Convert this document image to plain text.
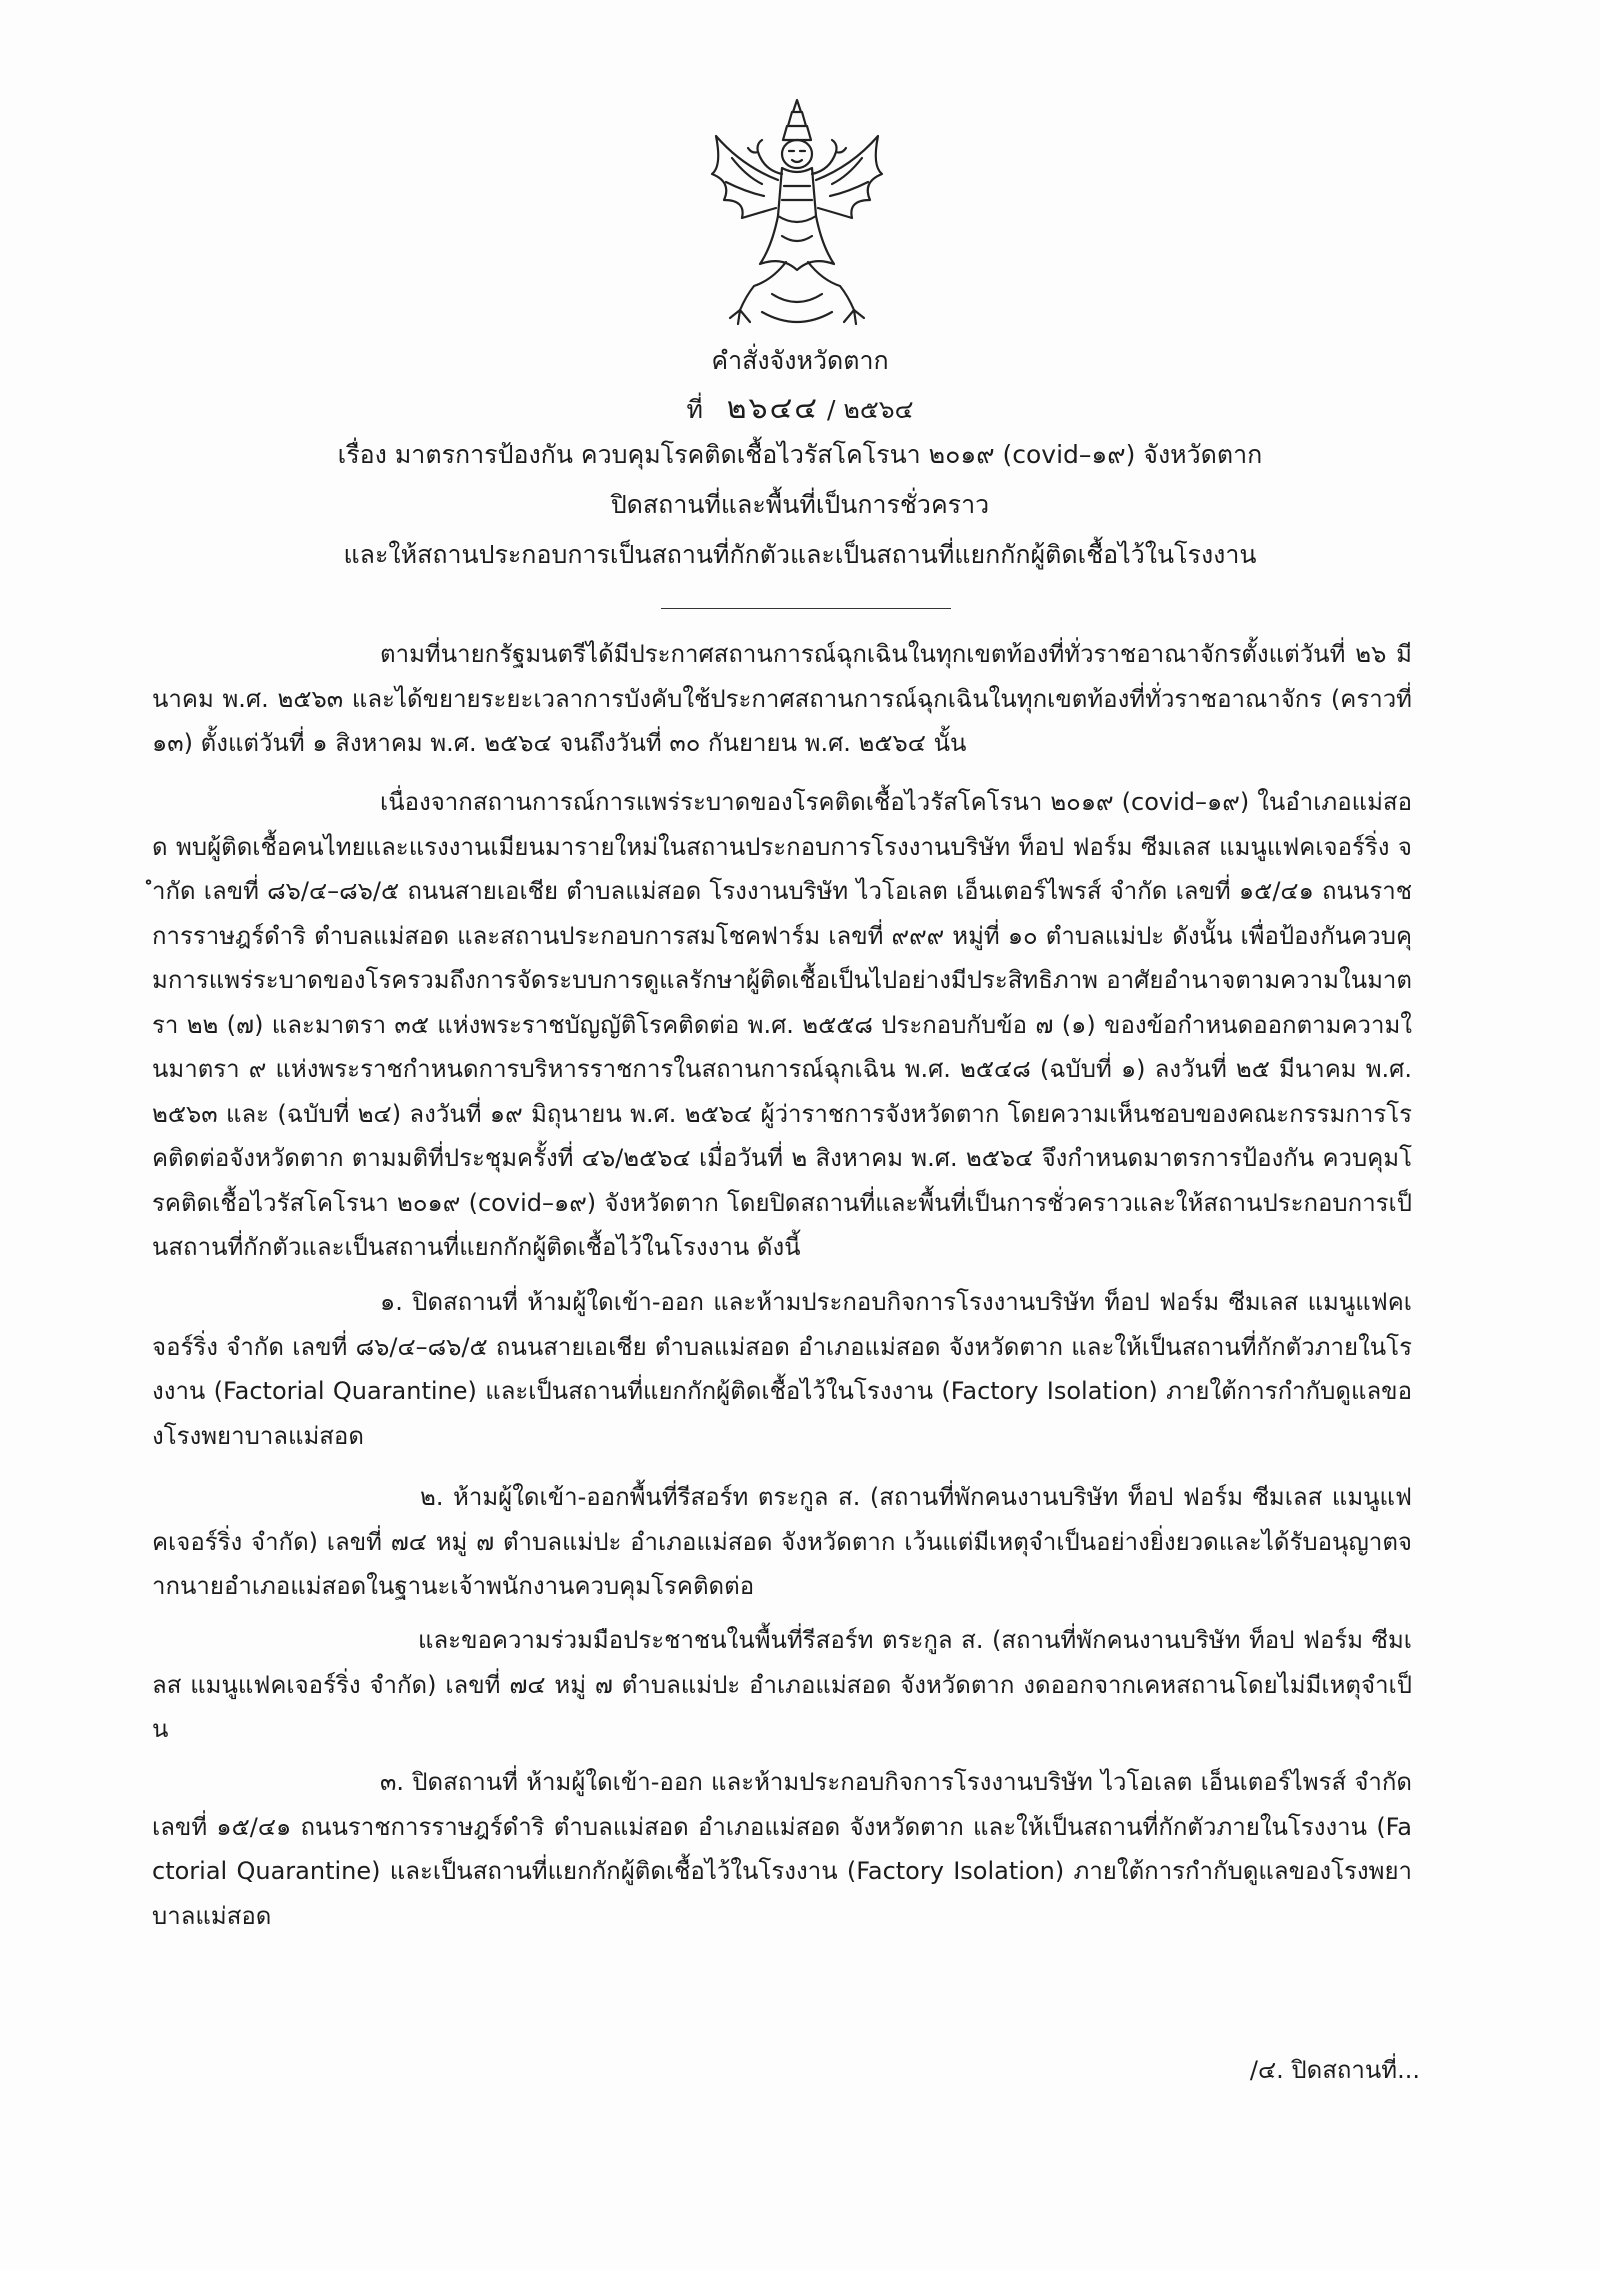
คำสั่งจังหวัดตาก
ที่ ๒๖๔๔ / ๒๕๖๔
เรื่อง มาตรการป้องกัน ควบคุมโรคติดเชื้อไวรัสโคโรนา ๒๐๑๙ (covid–๑๙) จังหวัดตาก
ปิดสถานที่และพื้นที่เป็นการชั่วคราว
และให้สถานประกอบการเป็นสถานที่กักตัวและเป็นสถานที่แยกกักผู้ติดเชื้อไว้ในโรงงาน

ตามที่นายกรัฐมนตรีได้มีประกาศสถานการณ์ฉุกเฉินในทุกเขตท้องที่ทั่วราชอาณาจักรตั้งแต่วันที่ ๒๖ มีนาคม พ.ศ. ๒๕๖๓ และได้ขยายระยะเวลาการบังคับใช้ประกาศสถานการณ์ฉุกเฉินในทุกเขตท้องที่ทั่วราชอาณาจักร (คราวที่ ๑๓) ตั้งแต่วันที่ ๑ สิงหาคม พ.ศ. ๒๕๖๔ จนถึงวันที่ ๓๐ กันยายน พ.ศ. ๒๕๖๔ นั้น

เนื่องจากสถานการณ์การแพร่ระบาดของโรคติดเชื้อไวรัสโคโรนา ๒๐๑๙ (covid–๑๙) ในอำเภอแม่สอด พบผู้ติดเชื้อคนไทยและแรงงานเมียนมารายใหม่ในสถานประกอบการโรงงานบริษัท ท็อป ฟอร์ม ซีมเลส แมนูแฟคเจอร์ริ่ง จำกัด เลขที่ ๘๖/๔–๘๖/๕ ถนนสายเอเชีย ตำบลแม่สอด โรงงานบริษัท ไวโอเลต เอ็นเตอร์ไพรส์ จำกัด เลขที่ ๑๕/๔๑ ถนนราชการราษฎร์ดำริ ตำบลแม่สอด และสถานประกอบการสมโชคฟาร์ม เลขที่ ๙๙๙ หมู่ที่ ๑๐ ตำบลแม่ปะ ดังนั้น เพื่อป้องกันควบคุมการแพร่ระบาดของโรครวมถึงการจัดระบบการดูแลรักษาผู้ติดเชื้อเป็นไปอย่างมีประสิทธิภาพ อาศัยอำนาจตามความในมาตรา ๒๒ (๗) และมาตรา ๓๕ แห่งพระราชบัญญัติโรคติดต่อ พ.ศ. ๒๕๕๘ ประกอบกับข้อ ๗ (๑) ของข้อกำหนดออกตามความในมาตรา ๙ แห่งพระราชกำหนดการบริหารราชการในสถานการณ์ฉุกเฉิน พ.ศ. ๒๕๔๘ (ฉบับที่ ๑) ลงวันที่ ๒๕ มีนาคม พ.ศ. ๒๕๖๓ และ (ฉบับที่ ๒๔) ลงวันที่ ๑๙ มิถุนายน พ.ศ. ๒๕๖๔ ผู้ว่าราชการจังหวัดตาก โดยความเห็นชอบของคณะกรรมการโรคติดต่อจังหวัดตาก ตามมติที่ประชุมครั้งที่ ๔๖/๒๕๖๔ เมื่อวันที่ ๒ สิงหาคม พ.ศ. ๒๕๖๔ จึงกำหนดมาตรการป้องกัน ควบคุมโรคติดเชื้อไวรัสโคโรนา ๒๐๑๙ (covid–๑๙) จังหวัดตาก โดยปิดสถานที่และพื้นที่เป็นการชั่วคราวและให้สถานประกอบการเป็นสถานที่กักตัวและเป็นสถานที่แยกกักผู้ติดเชื้อไว้ในโรงงาน ดังนี้

๑. ปิดสถานที่ ห้ามผู้ใดเข้า-ออก และห้ามประกอบกิจการโรงงานบริษัท ท็อป ฟอร์ม ซีมเลส แมนูแฟคเจอร์ริ่ง จำกัด เลขที่ ๘๖/๔–๘๖/๕ ถนนสายเอเชีย ตำบลแม่สอด อำเภอแม่สอด จังหวัดตาก และให้เป็นสถานที่กักตัวภายในโรงงาน (Factorial Quarantine) และเป็นสถานที่แยกกักผู้ติดเชื้อไว้ในโรงงาน (Factory Isolation) ภายใต้การกำกับดูแลของโรงพยาบาลแม่สอด

๒. ห้ามผู้ใดเข้า-ออกพื้นที่รีสอร์ท ตระกูล ส. (สถานที่พักคนงานบริษัท ท็อป ฟอร์ม ซีมเลส แมนูแฟคเจอร์ริ่ง จำกัด) เลขที่ ๗๔ หมู่ ๗ ตำบลแม่ปะ อำเภอแม่สอด จังหวัดตาก เว้นแต่มีเหตุจำเป็นอย่างยิ่งยวดและได้รับอนุญาตจากนายอำเภอแม่สอดในฐานะเจ้าพนักงานควบคุมโรคติดต่อ

และขอความร่วมมือประชาชนในพื้นที่รีสอร์ท ตระกูล ส. (สถานที่พักคนงานบริษัท ท็อป ฟอร์ม ซีมเลส แมนูแฟคเจอร์ริ่ง จำกัด) เลขที่ ๗๔ หมู่ ๗ ตำบลแม่ปะ อำเภอแม่สอด จังหวัดตาก งดออกจากเคหสถานโดยไม่มีเหตุจำเป็น

๓. ปิดสถานที่ ห้ามผู้ใดเข้า-ออก และห้ามประกอบกิจการโรงงานบริษัท ไวโอเลต เอ็นเตอร์ไพรส์ จำกัด เลขที่ ๑๕/๔๑ ถนนราชการราษฎร์ดำริ ตำบลแม่สอด อำเภอแม่สอด จังหวัดตาก และให้เป็นสถานที่กักตัวภายในโรงงาน (Factorial Quarantine) และเป็นสถานที่แยกกักผู้ติดเชื้อไว้ในโรงงาน (Factory Isolation) ภายใต้การกำกับดูแลของโรงพยาบาลแม่สอด

/๔. ปิดสถานที่...
